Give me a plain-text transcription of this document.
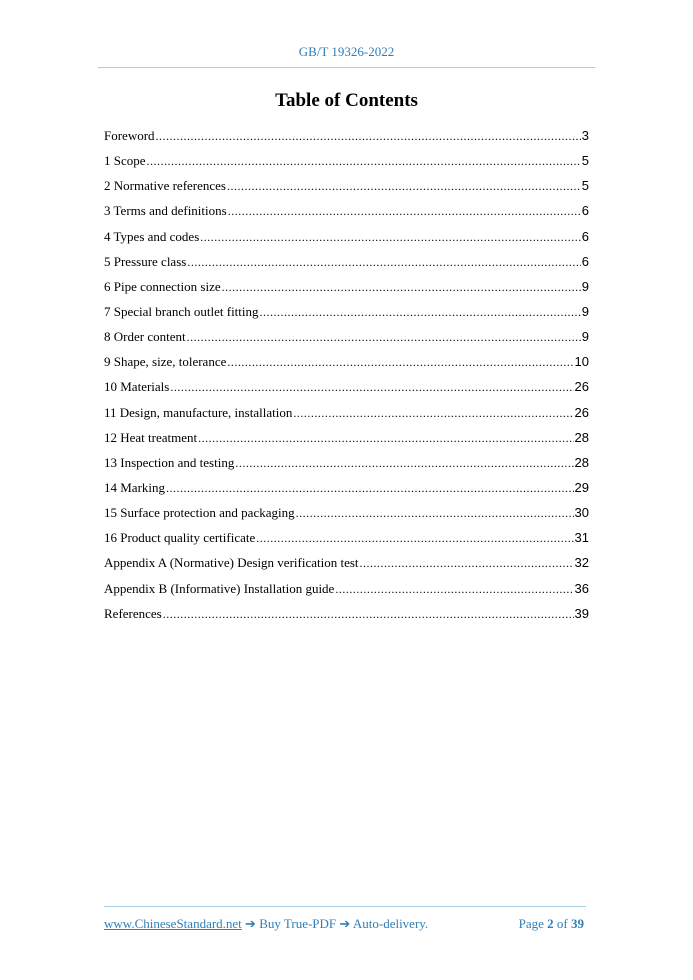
GB/T 19326-2022
Table of Contents
Foreword .....	3
1 Scope .....	5
2 Normative references .....	5
3 Terms and definitions .....	6
4 Types and codes .....	6
5 Pressure class .....	6
6 Pipe connection size .....	9
7 Special branch outlet fitting .....	9
8 Order content .....	9
9 Shape, size, tolerance .....	10
10 Materials .....	26
11 Design, manufacture, installation .....	26
12 Heat treatment .....	28
13 Inspection and testing .....	28
14 Marking .....	29
15 Surface protection and packaging .....	30
16 Product quality certificate .....	31
Appendix A (Normative) Design verification test .....	32
Appendix B (Informative) Installation guide .....	36
References .....	39
www.ChineseStandard.net ➔ Buy True-PDF ➔ Auto-delivery.	Page 2 of 39
